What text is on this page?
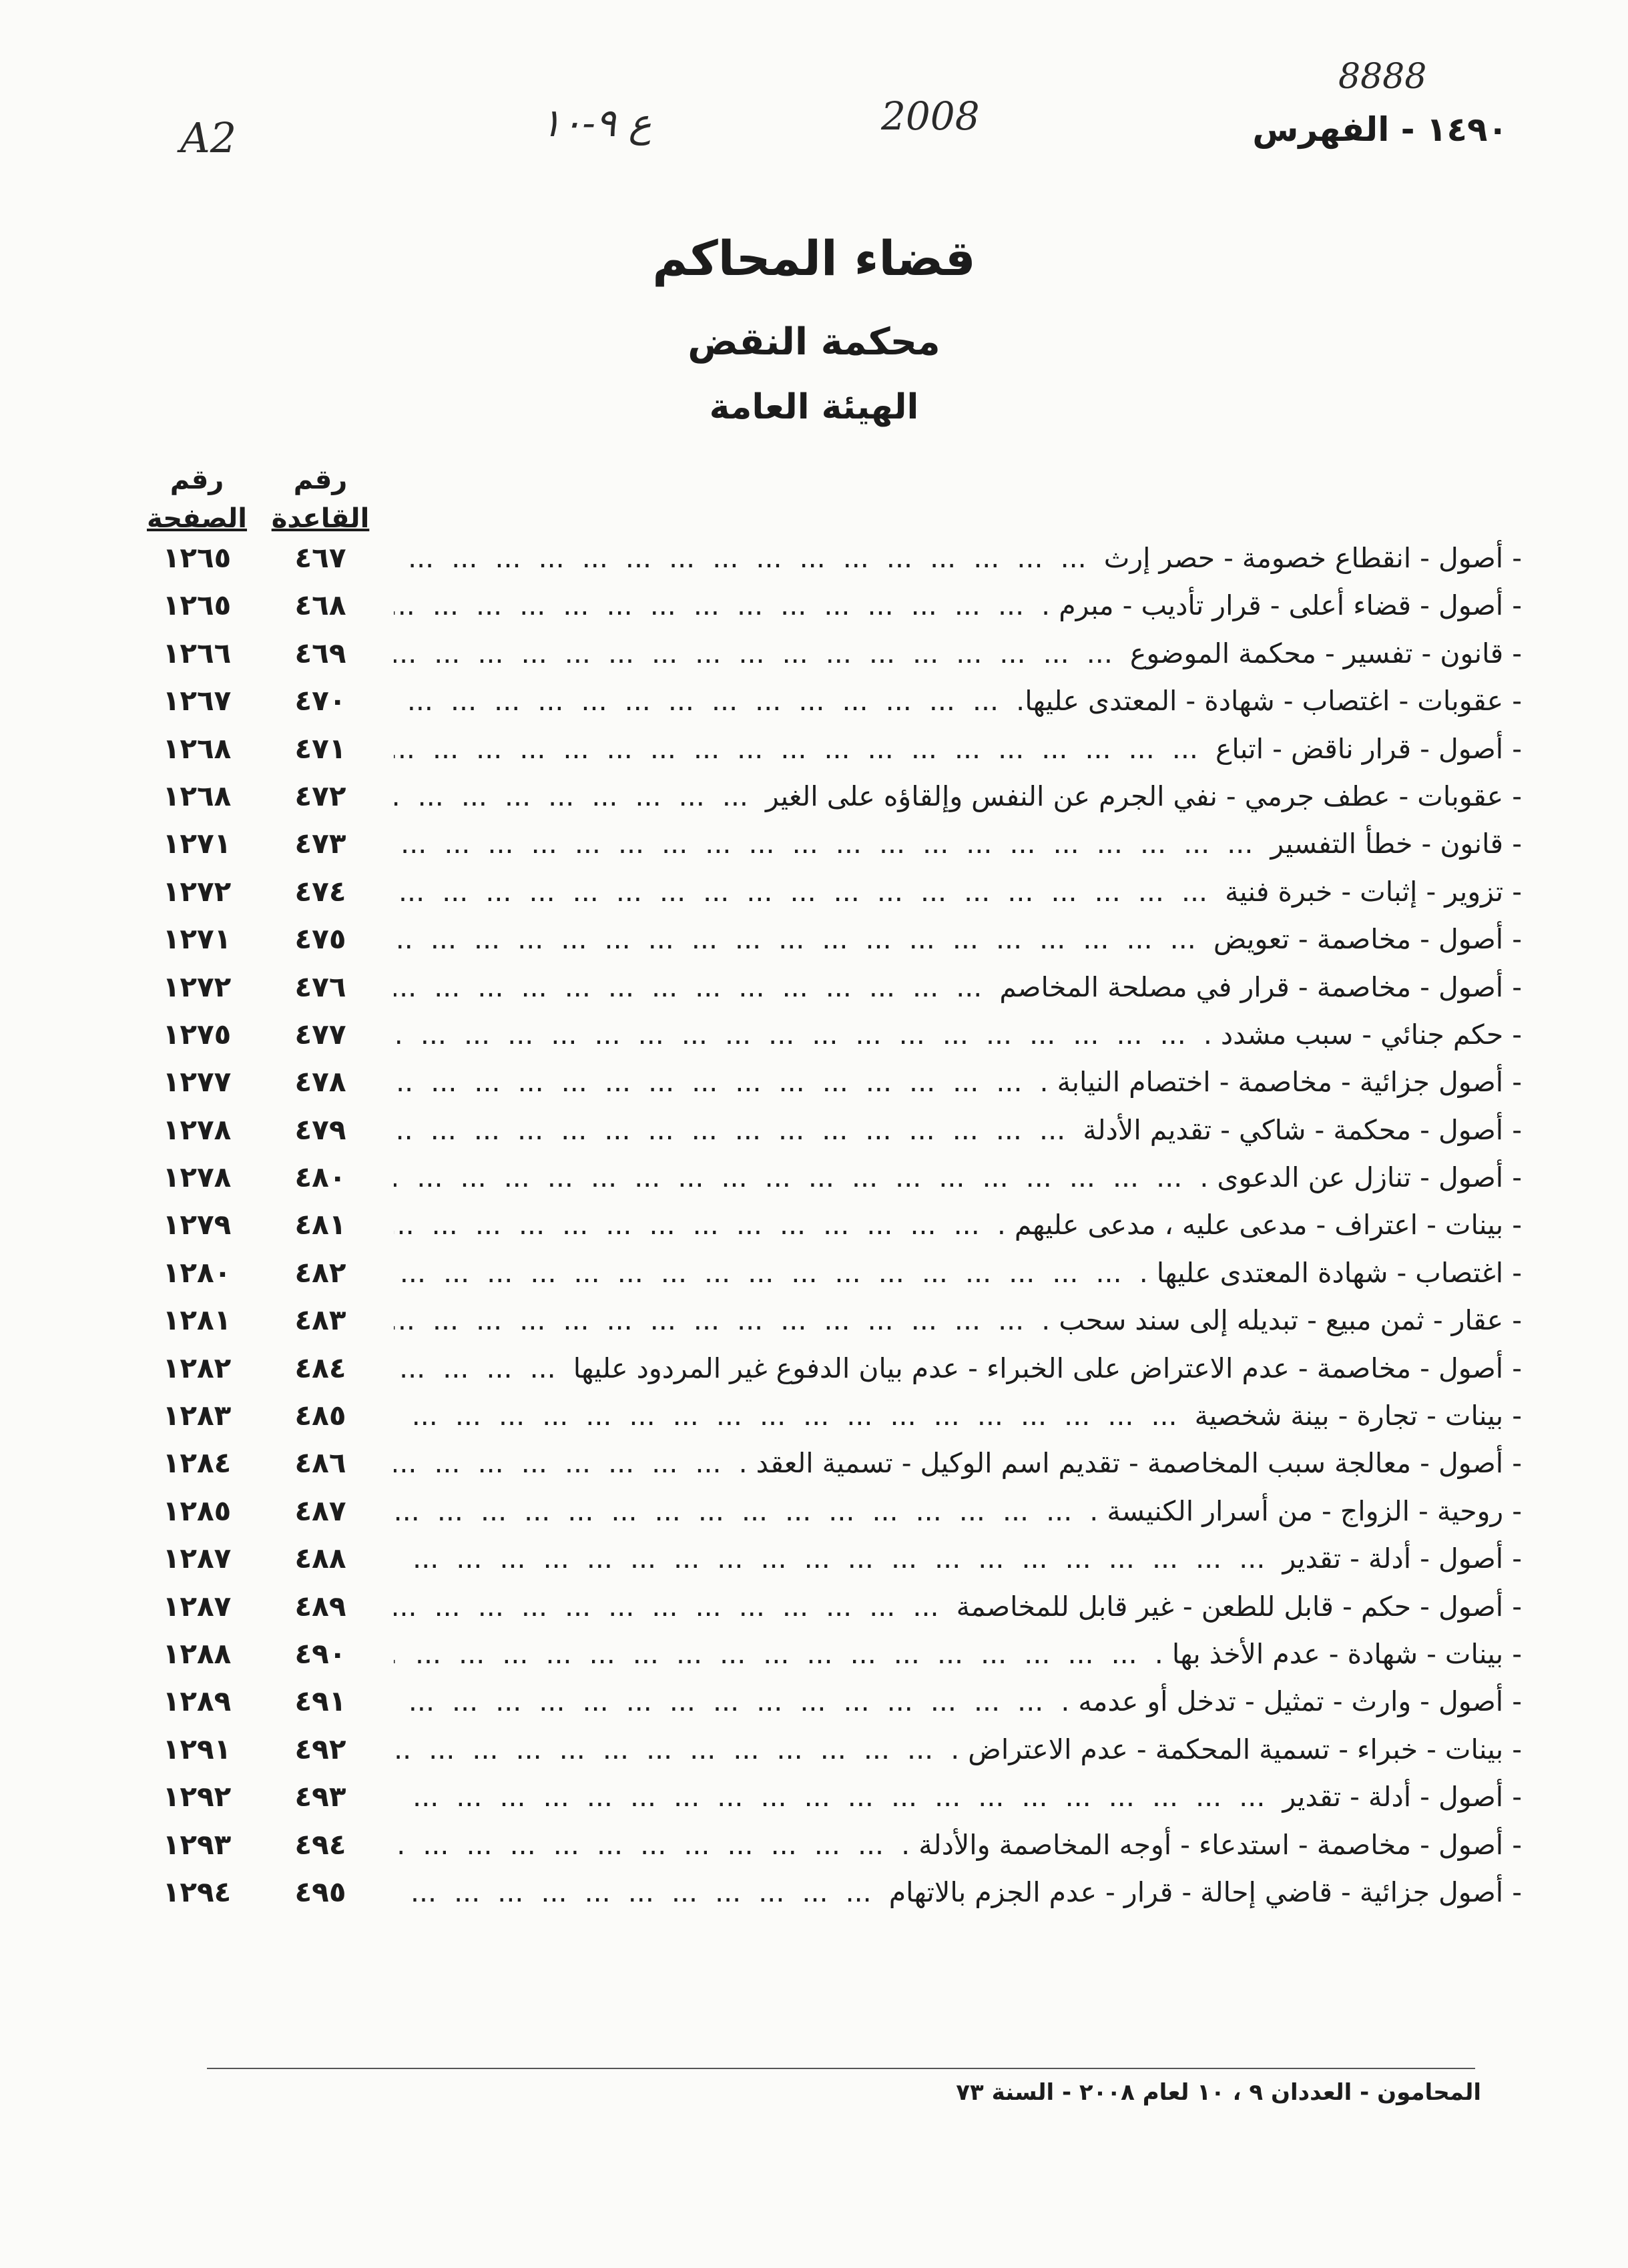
A2	ع ٩-١٠	2008
8888
١٤٩٠ - الفهرس
قضاء المحاكم
محكمة النقض
الهيئة العامة
رقم
القاعدة
رقم
الصفحة
- أصول - انقطاع خصومة - حصر إرث ...
٤٦٧
١٢٦٥
- أصول - قضاء أعلى - قرار تأديب - مبرم . ...
٤٦٨
١٢٦٥
- قانون - تفسير - محكمة الموضوع ...
٤٦٩
١٢٦٦
- عقوبات - اغتصاب - شهادة - المعتدى عليها. ...
٤٧٠
١٢٦٧
- أصول - قرار ناقض - اتباع ...
٤٧١
١٢٦٨
- عقوبات - عطف جرمي - نفي الجرم عن النفس وإلقاؤه على الغير ...
٤٧٢
١٢٦٨
- قانون - خطأ التفسير ...
٤٧٣
١٢٧١
- تزوير - إثبات - خبرة فنية ...
٤٧٤
١٢٧٢
- أصول - مخاصمة - تعويض ...
٤٧٥
١٢٧١
- أصول - مخاصمة - قرار في مصلحة المخاصم ...
٤٧٦
١٢٧٢
- حكم جنائي - سبب مشدد . ...
٤٧٧
١٢٧٥
- أصول جزائية - مخاصمة - اختصام النيابة . ...
٤٧٨
١٢٧٧
- أصول - محكمة - شاكي - تقديم الأدلة ...
٤٧٩
١٢٧٨
- أصول - تنازل عن الدعوى . ...
٤٨٠
١٢٧٨
- بينات - اعتراف - مدعى عليه ، مدعى عليهم . ...
٤٨١
١٢٧٩
- اغتصاب - شهادة المعتدى عليها . ...
٤٨٢
١٢٨٠
- عقار - ثمن مبيع - تبديله إلى سند سحب . ...
٤٨٣
١٢٨١
- أصول - مخاصمة - عدم الاعتراض على الخبراء - عدم بيان الدفوع غير المردود عليها ...
٤٨٤
١٢٨٢
- بينات - تجارة - بينة شخصية ...
٤٨٥
١٢٨٣
- أصول - معالجة سبب المخاصمة - تقديم اسم الوكيل - تسمية العقد . ...
٤٨٦
١٢٨٤
- روحية - الزواج - من أسرار الكنيسة . ...
٤٨٧
١٢٨٥
- أصول - أدلة - تقدير ...
٤٨٨
١٢٨٧
- أصول - حكم - قابل للطعن - غير قابل للمخاصمة ...
٤٨٩
١٢٨٧
- بينات - شهادة - عدم الأخذ بها . ...
٤٩٠
١٢٨٨
- أصول - وارث - تمثيل - تدخل أو عدمه . ...
٤٩١
١٢٨٩
- بينات - خبراء - تسمية المحكمة - عدم الاعتراض . ...
٤٩٢
١٢٩١
- أصول - أدلة - تقدير ...
٤٩٣
١٢٩٢
- أصول - مخاصمة - استدعاء - أوجه المخاصمة والأدلة . ...
٤٩٤
١٢٩٣
- أصول جزائية - قاضي إحالة - قرار - عدم الجزم بالاتهام ...
٤٩٥
١٢٩٤
المحامون - العددان ٩ ، ١٠ لعام ٢٠٠٨ - السنة ٧٣
